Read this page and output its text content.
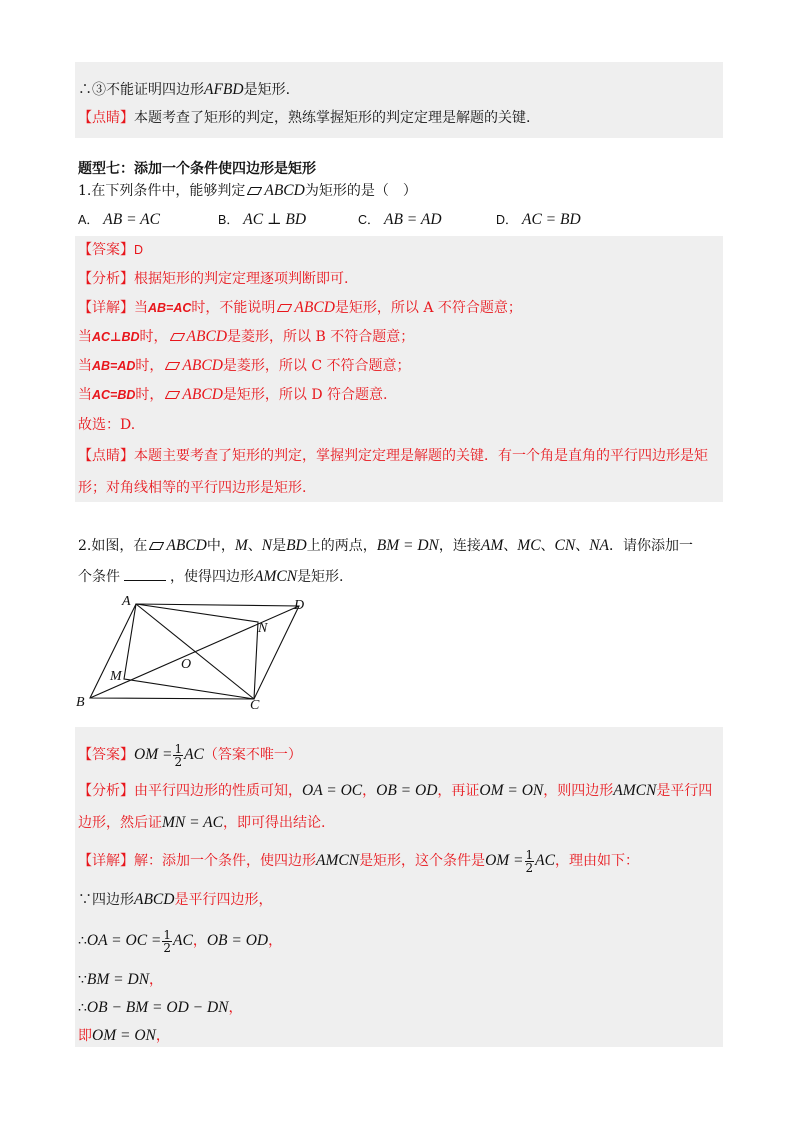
∴③不能证明四边形AFBD是矩形.
【点睛】本题考查了矩形的判定，熟练掌握矩形的判定定理是解题的关键.
题型七：添加一个条件使四边形是矩形
1.在下列条件中，能够判定 ABCD为矩形的是（　）
A． AB = AC	B． AC ⊥ BD	C． AB = AD	D． AC = BD
【答案】D
【分析】根据矩形的判定定理逐项判断即可.
【详解】当AB=AC时，不能说明 ABCD是矩形，所以 A 不符合题意；
当AC⊥BD时， ABCD是菱形，所以 B 不符合题意；
当AB=AD时， ABCD是菱形，所以 C 不符合题意；
当AC=BD时， ABCD是矩形，所以 D 符合题意.
故选：D.
【点睛】本题主要考查了矩形的判定，掌握判定定理是解题的关键．有一个角是直角的平行四边形是矩
形；对角线相等的平行四边形是矩形.
2.如图，在 ABCD中，M、N是BD上的两点，BM = DN，连接AM、MC、CN、NA．请你添加一
个条件	，使得四边形AMCN是矩形.
A	D
N
O
M
B	C
【答案】OM = $\frac{1}{2} AC$（答案不唯一）
【分析】由平行四边形的性质可知，OA = OC，OB = OD，再证OM = ON，则四边形AMCN是平行四
边形，然后证MN = AC，即可得出结论.
【详解】解：添加一个条件，使四边形AMCN是矩形，这个条件是OM = $\frac{1}{2}$ AC，理由如下：
∵四边形ABCD是平行四边形，
∴OA = OC = $\frac{1}{2}$ AC，OB = OD，
∵BM = DN，
∴OB − BM = OD − DN，
即OM = ON，
